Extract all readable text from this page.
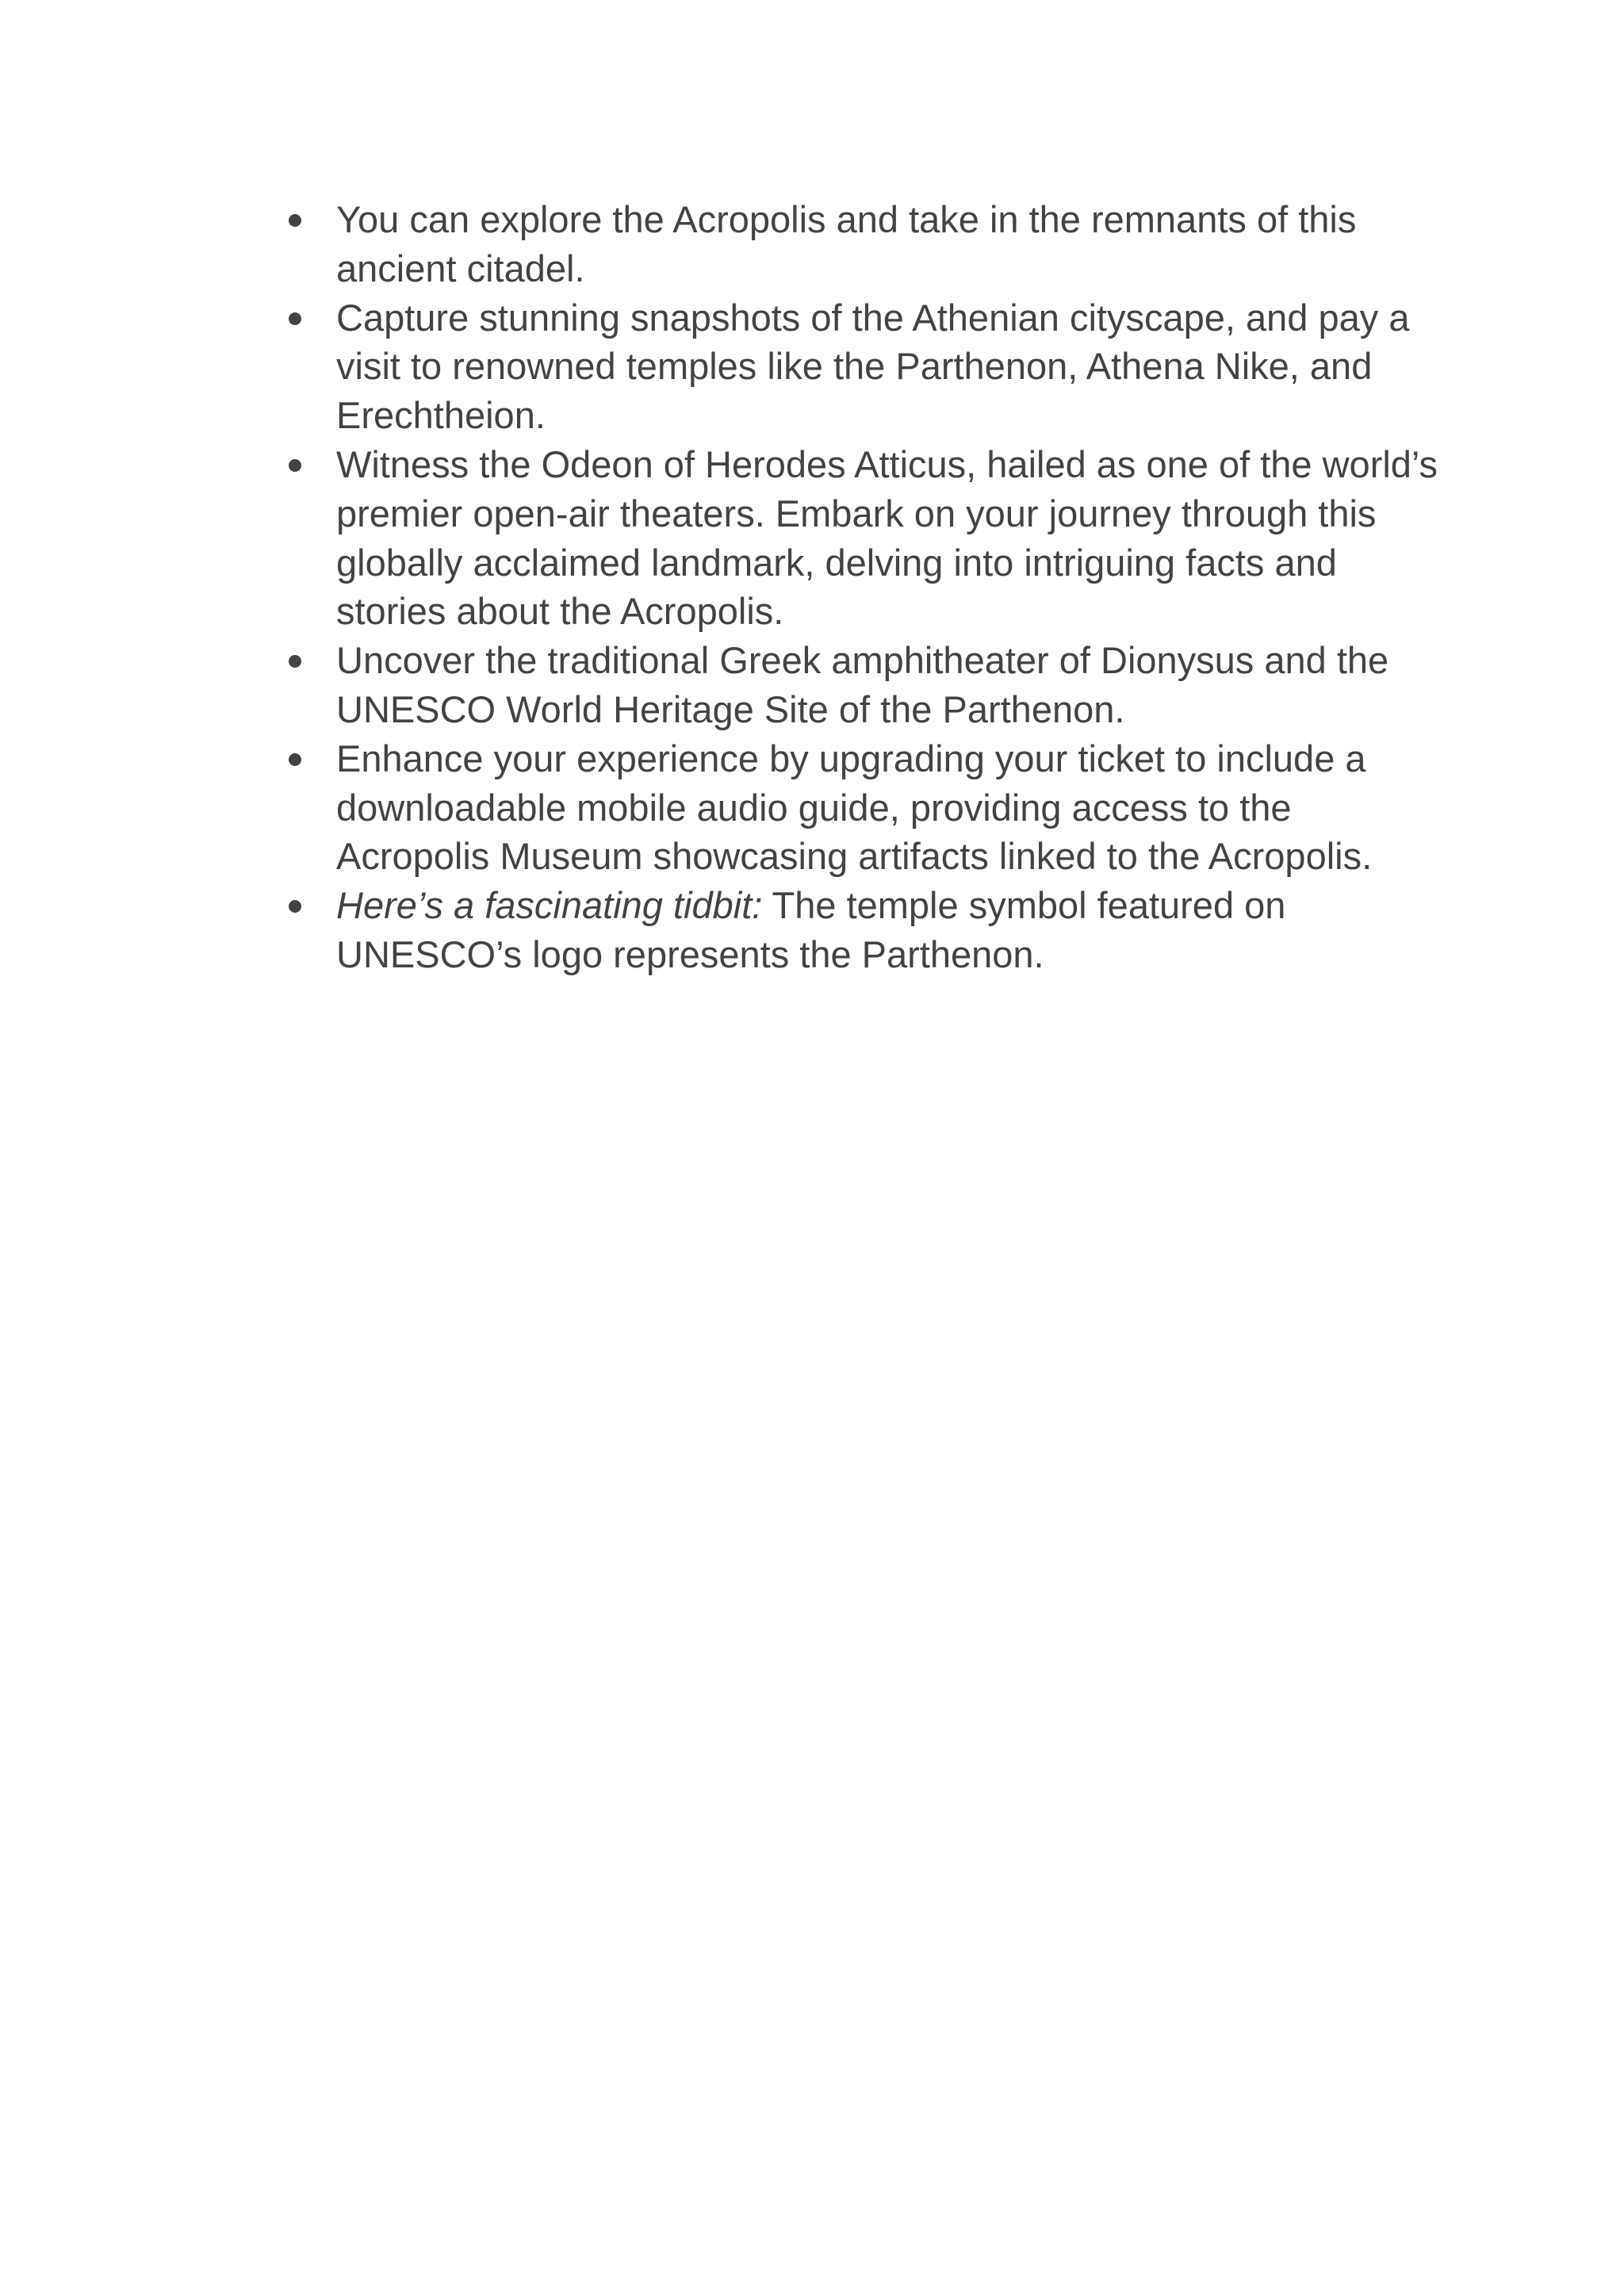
You can explore the Acropolis and take in the remnants of this ancient citadel.
Capture stunning snapshots of the Athenian cityscape, and pay a visit to renowned temples like the Parthenon, Athena Nike, and Erechtheion.
Witness the Odeon of Herodes Atticus, hailed as one of the world’s premier open-air theaters. Embark on your journey through this globally acclaimed landmark, delving into intriguing facts and stories about the Acropolis.
Uncover the traditional Greek amphitheater of Dionysus and the UNESCO World Heritage Site of the Parthenon.
Enhance your experience by upgrading your ticket to include a downloadable mobile audio guide, providing access to the Acropolis Museum showcasing artifacts linked to the Acropolis.
Here’s a fascinating tidbit: The temple symbol featured on UNESCO’s logo represents the Parthenon.
